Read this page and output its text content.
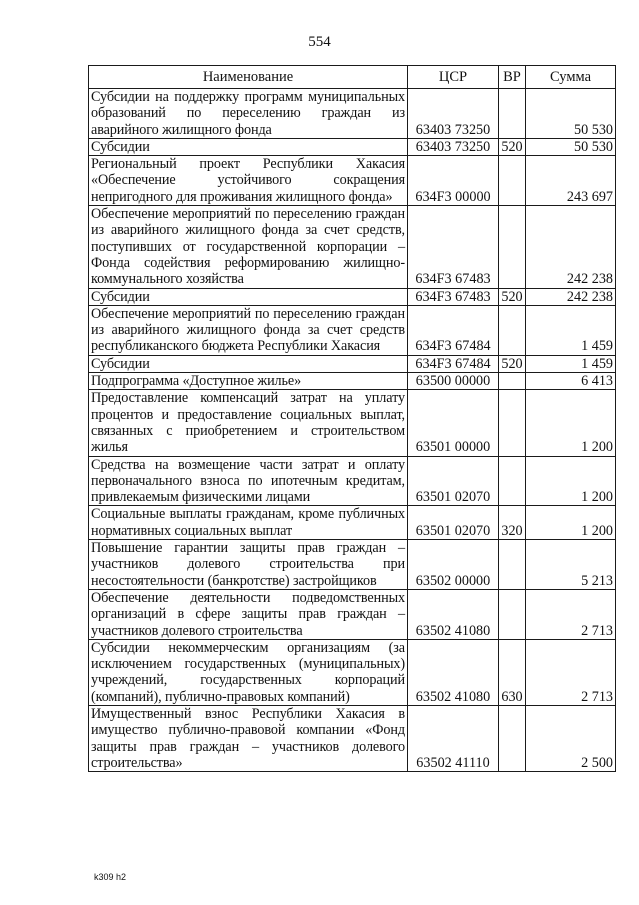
554
Наименование	ЦСР	ВР	Сумма
Субсидии на поддержку программ муниципальных образований по переселению граждан из аварийного жилищного фонда	63403 73250		50 530
Субсидии	63403 73250	520	50 530
Региональный проект Республики Хакасия «Обеспечение устойчивого сокращения непригодного для проживания жилищного фонда»	634F3 00000		243 697
Обеспечение мероприятий по переселению граждан из аварийного жилищного фонда за счет средств, поступивших от государственной корпорации – Фонда содействия реформированию жилищно-коммунального хозяйства	634F3 67483		242 238
Субсидии	634F3 67483	520	242 238
Обеспечение мероприятий по переселению граждан из аварийного жилищного фонда за счет средств республиканского бюджета Республики Хакасия	634F3 67484		1 459
Субсидии	634F3 67484	520	1 459
Подпрограмма «Доступное жилье»	63500 00000		6 413
Предоставление компенсаций затрат на уплату процентов и предоставление социальных выплат, связанных с приобретением и строительством жилья	63501 00000		1 200
Средства на возмещение части затрат и оплату первоначального взноса по ипотечным кредитам, привлекаемым физическими лицами	63501 02070		1 200
Социальные выплаты гражданам, кроме публичных нормативных социальных выплат	63501 02070	320	1 200
Повышение гарантии защиты прав граждан – участников долевого строительства при несостоятельности (банкротстве) застройщиков	63502 00000		5 213
Обеспечение деятельности подведомственных организаций в сфере защиты прав граждан – участников долевого строительства	63502 41080		2 713
Субсидии некоммерческим организациям (за исключением государственных (муниципальных) учреждений, государственных корпораций (компаний), публично-правовых компаний)	63502 41080	630	2 713
Имущественный взнос Республики Хакасия в имущество публично-правовой компании «Фонд защиты прав граждан – участников долевого строительства»	63502 41110		2 500
k309 h2
